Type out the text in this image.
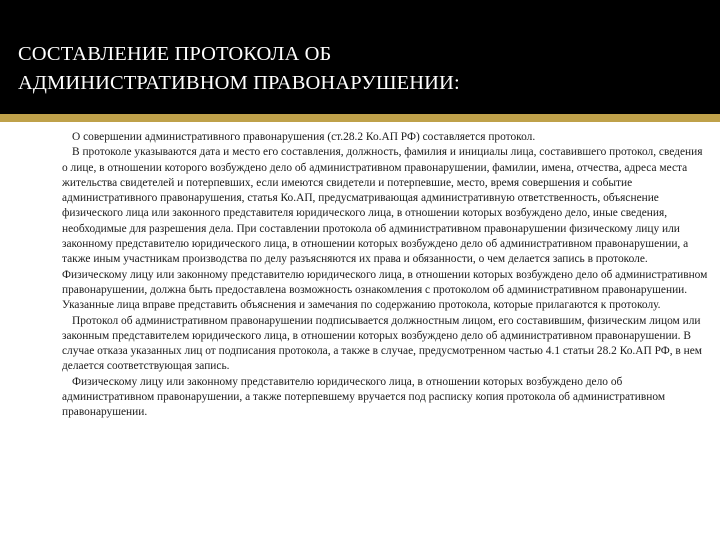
СОСТАВЛЕНИЕ ПРОТОКОЛА ОБ
АДМИНИСТРАТИВНОМ ПРАВОНАРУШЕНИИ:

О совершении административного правонарушения (ст.28.2 Ко.АП РФ) составляется протокол.

В протоколе указываются дата и место его составления, должность, фамилия и инициалы лица, составившего протокол, сведения о лице, в отношении которого возбуждено дело об административном правонарушении, фамилии, имена, отчества, адреса места жительства свидетелей и потерпевших, если имеются свидетели и потерпевшие, место, время совершения и событие административного правонарушения, статья Ко.АП, предусматривающая административную ответственность, объяснение физического лица или законного представителя юридического лица, в отношении которых возбуждено дело, иные сведения, необходимые для разрешения дела. При составлении протокола об административном правонарушении физическому лицу или законному представителю юридического лица, в отношении которых возбуждено дело об административном правонарушении, а также иным участникам производства по делу разъясняются их права и обязанности, о чем делается запись в протоколе. Физическому лицу или законному представителю юридического лица, в отношении которых возбуждено дело об административном правонарушении, должна быть предоставлена возможность ознакомления с протоколом об административном правонарушении. Указанные лица вправе представить объяснения и замечания по содержанию протокола, которые прилагаются к протоколу.

Протокол об административном правонарушении подписывается должностным лицом, его составившим, физическим лицом или законным представителем юридического лица, в отношении которых возбуждено дело об административном правонарушении. В случае отказа указанных лиц от подписания протокола, а также в случае, предусмотренном частью 4.1 статьи 28.2 Ко.АП РФ, в нем делается соответствующая запись.

Физическому лицу или законному представителю юридического лица, в отношении которых возбуждено дело об административном правонарушении, а также потерпевшему вручается под расписку копия протокола об административном правонарушении.
